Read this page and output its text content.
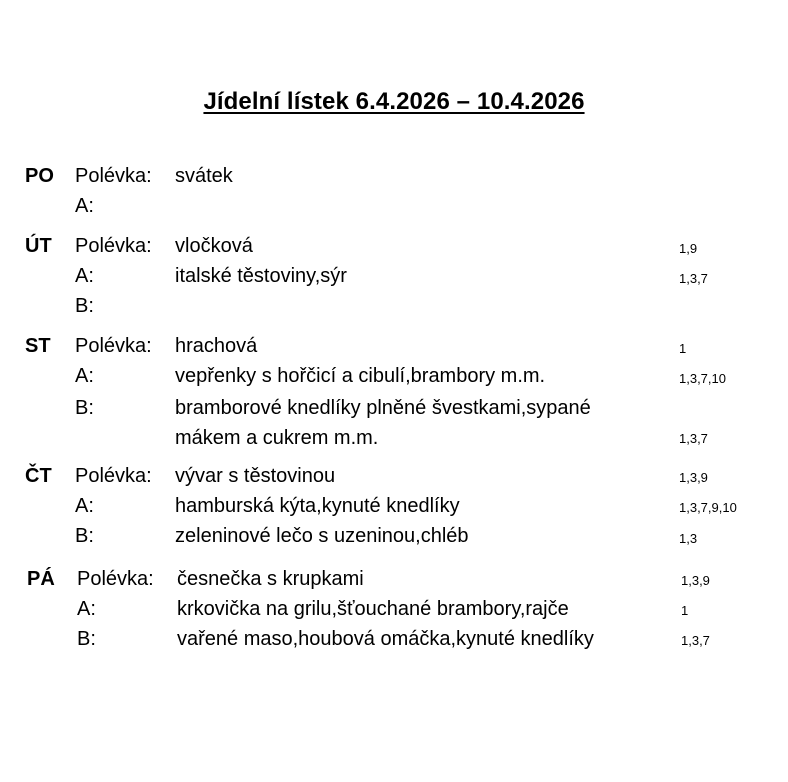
Jídelní lístek 6.4.2026 – 10.4.2026
PO Polévka: svátek
A:
ÚT Polévka: vločková	1,9
A:	italské těstoviny,sýr	1,3,7
B:
ST Polévka: hrachová	1
A:	vepřenky s hořčicí a cibulí,brambory m.m.	1,3,7,10
B:	bramborové knedlíky plněné švestkami,sypané
mákem a cukrem m.m.	1,3,7
ČT Polévka: vývar s těstovinou	1,3,9
A:	hamburská kýta,kynuté knedlíky	1,3,7,9,10
B:	zeleninové lečo s uzeninou,chléb	1,3
PÁ Polévka: česnečka s krupkami	1,3,9
A:	krkovička na grilu,šťouchané brambory,rajče	1
B:	vařené maso,houbová omáčka,kynuté knedlíky	1,3,7
